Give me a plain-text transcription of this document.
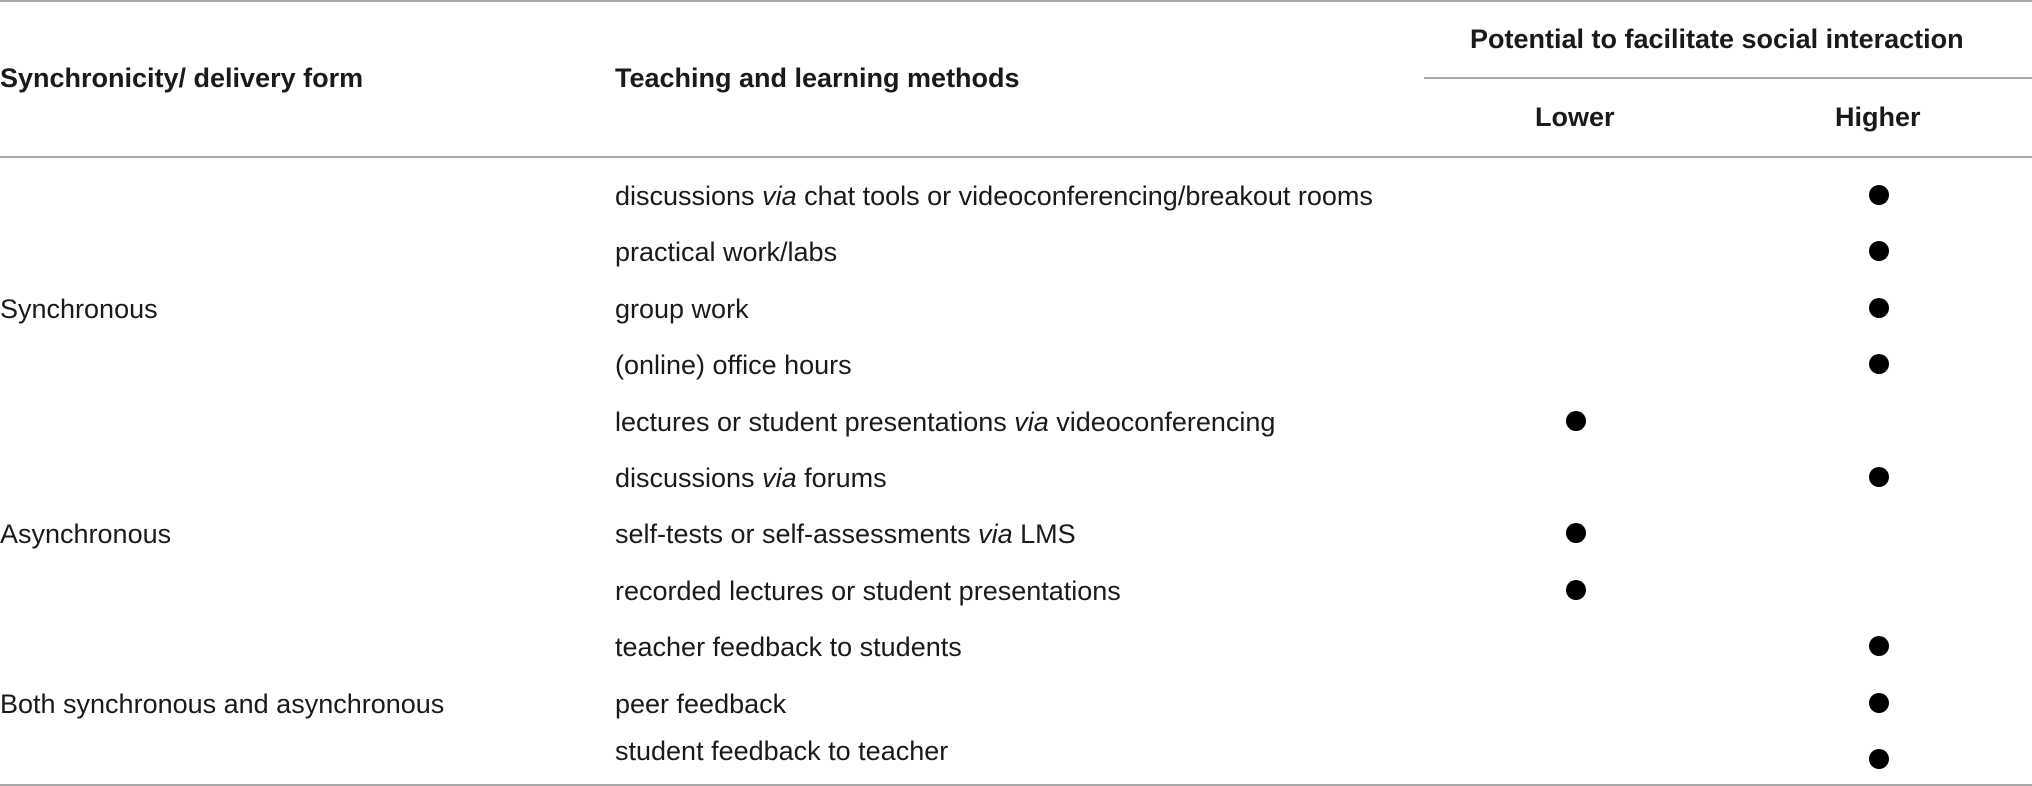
Synchronicity/ delivery form	Teaching and learning methods
Potential to facilitate social interaction
Lower	Higher
Synchronous
Asynchronous
Both synchronous and asynchronous
discussions via chat tools or videoconferencing/breakout rooms
practical work/labs
group work
(online) office hours
lectures or student presentations via videoconferencing
discussions via forums
self-tests or self-assessments via LMS
recorded lectures or student presentations
teacher feedback to students
peer feedback
student feedback to teacher
